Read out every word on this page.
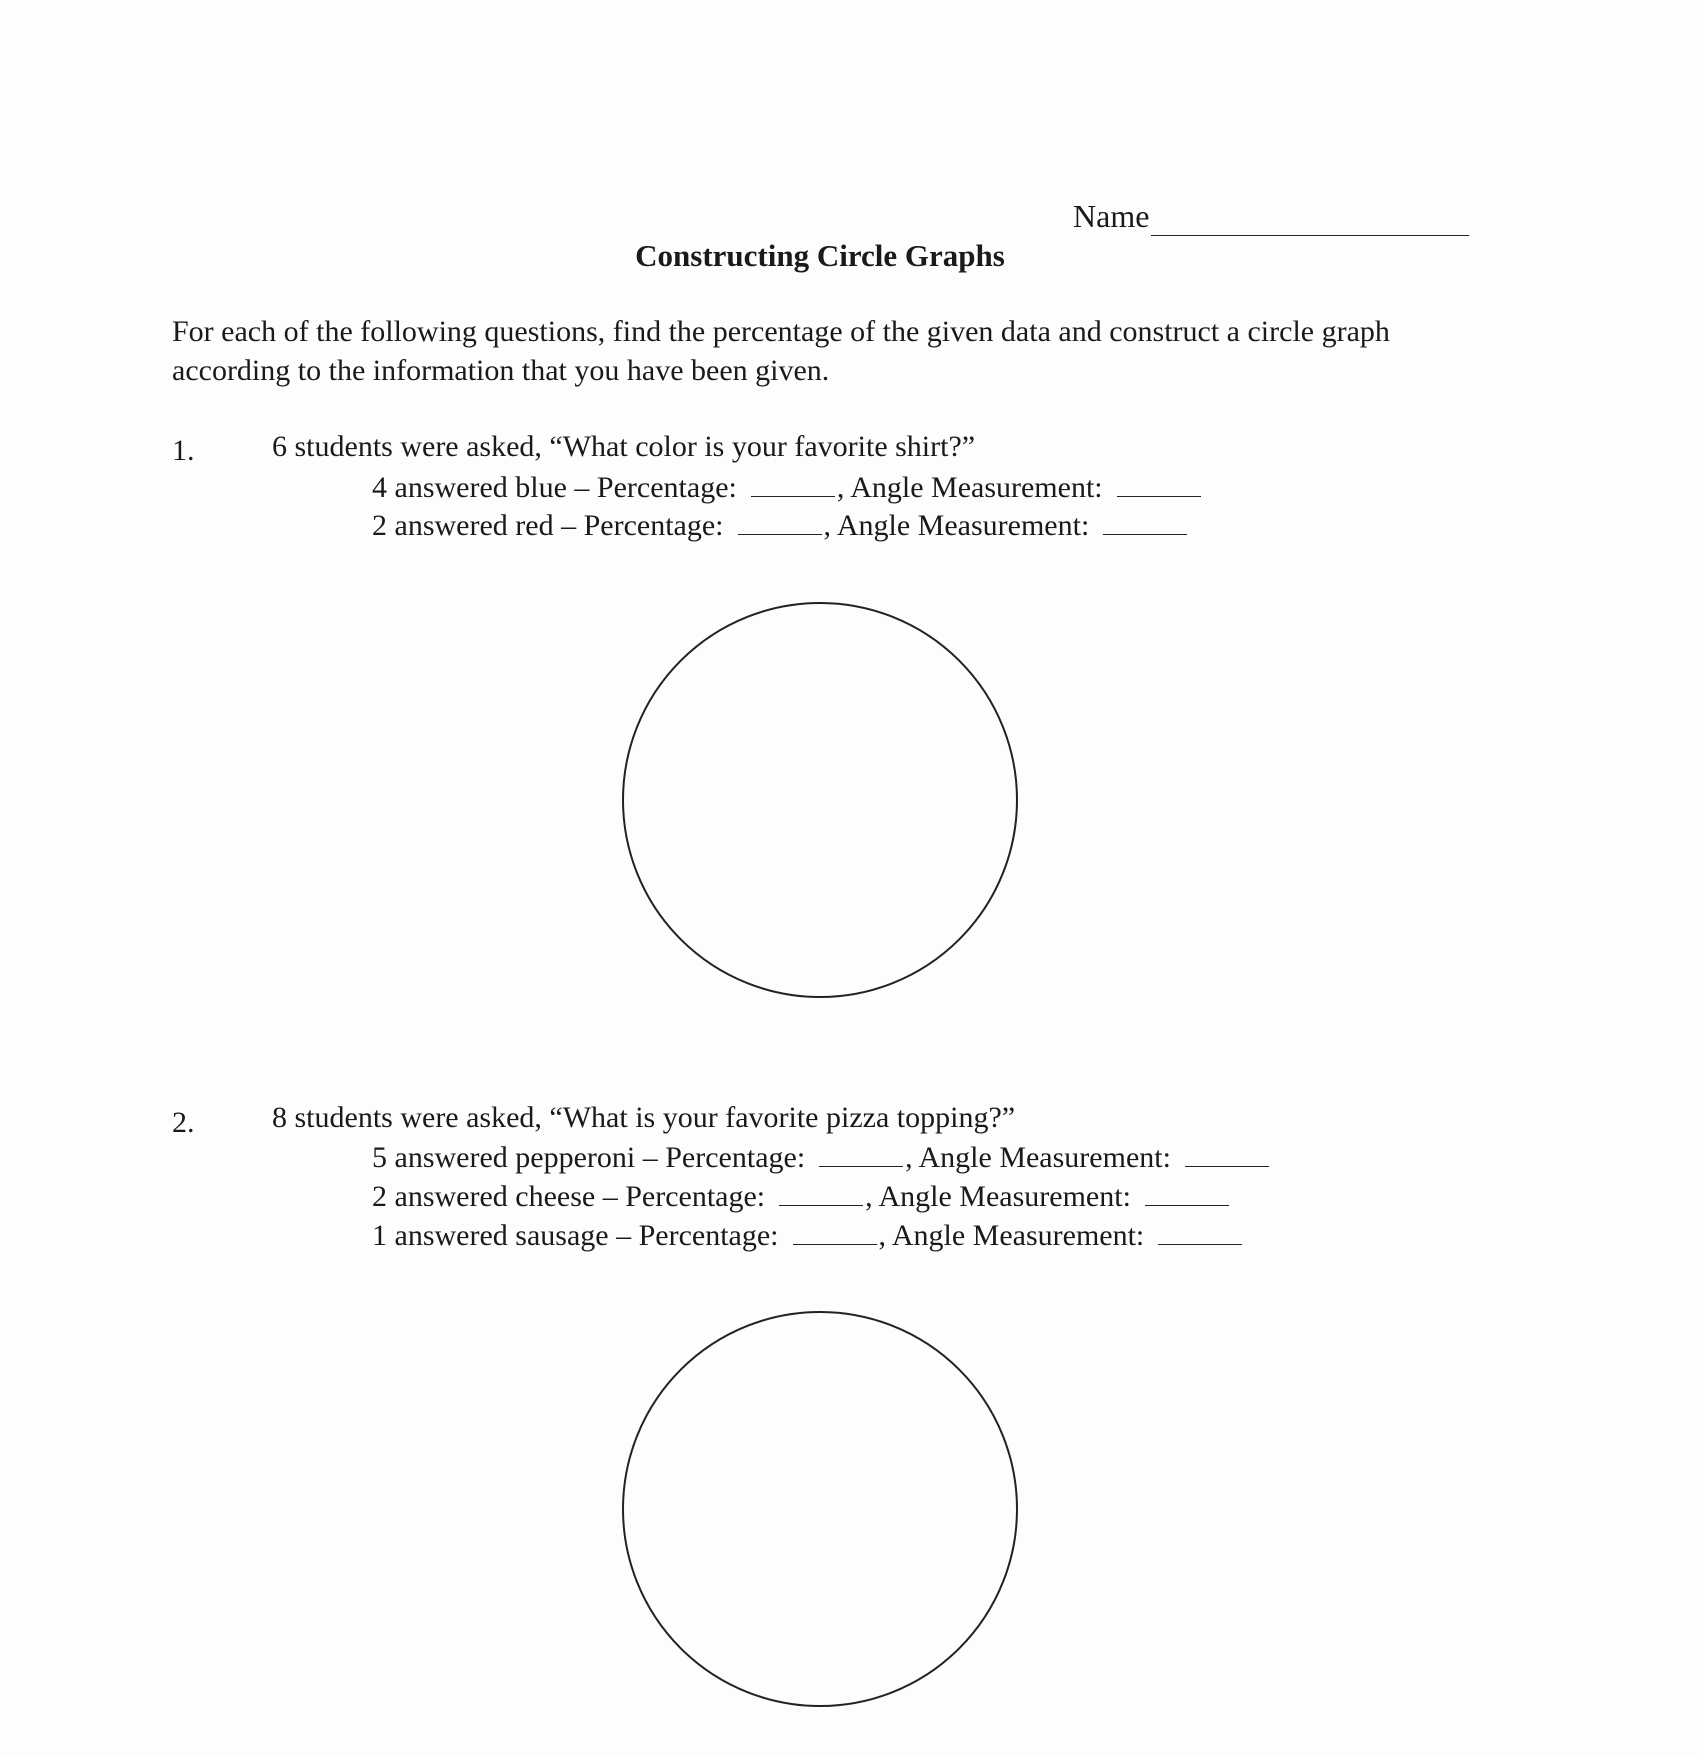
Name
Constructing Circle Graphs
For each of the following questions, find the percentage of the given data and construct a circle graph according to the information that you have been given.
1.	6 students were asked, “What color is your favorite shirt?”
4 answered blue – Percentage:	, Angle Measurement:
2 answered red – Percentage:	, Angle Measurement:
2.	8 students were asked, “What is your favorite pizza topping?”
5 answered pepperoni – Percentage:	, Angle Measurement:
2 answered cheese – Percentage:	, Angle Measurement:
1 answered sausage – Percentage:	, Angle Measurement:
